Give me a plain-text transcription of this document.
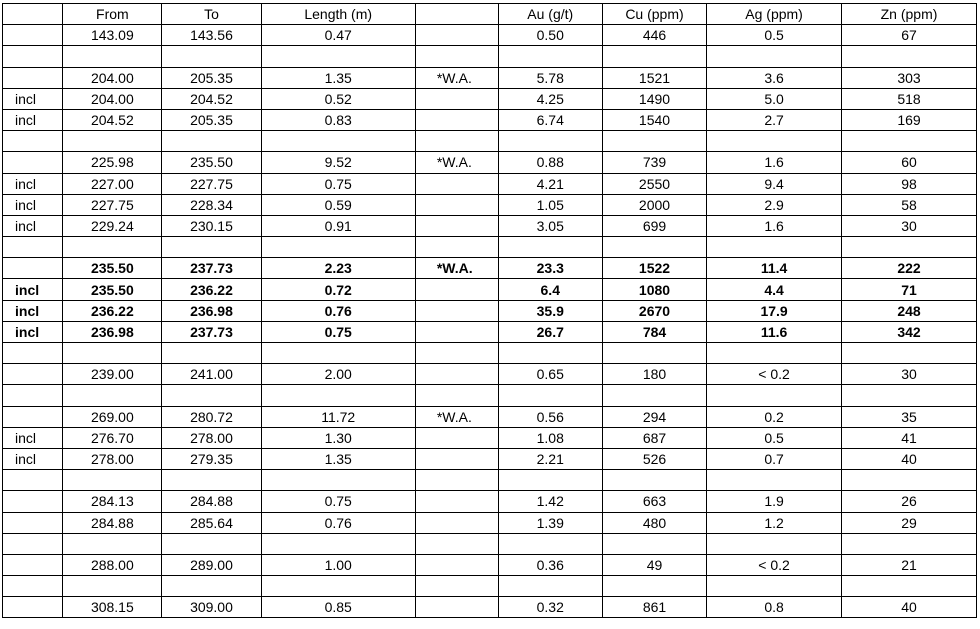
	From	To	Length (m)		Au (g/t)	Cu (ppm)	Ag (ppm)	Zn (ppm)
	143.09	143.56	0.47		0.50	446	0.5	67

	204.00	205.35	1.35	*W.A.	5.78	1521	3.6	303
incl	204.00	204.52	0.52		4.25	1490	5.0	518
incl	204.52	205.35	0.83		6.74	1540	2.7	169

	225.98	235.50	9.52	*W.A.	0.88	739	1.6	60
incl	227.00	227.75	0.75		4.21	2550	9.4	98
incl	227.75	228.34	0.59		1.05	2000	2.9	58
incl	229.24	230.15	0.91		3.05	699	1.6	30

	235.50	237.73	2.23	*W.A.	23.3	1522	11.4	222
incl	235.50	236.22	0.72		6.4	1080	4.4	71
incl	236.22	236.98	0.76		35.9	2670	17.9	248
incl	236.98	237.73	0.75		26.7	784	11.6	342

	239.00	241.00	2.00		0.65	180	< 0.2	30

	269.00	280.72	11.72	*W.A.	0.56	294	0.2	35
incl	276.70	278.00	1.30		1.08	687	0.5	41
incl	278.00	279.35	1.35		2.21	526	0.7	40

	284.13	284.88	0.75		1.42	663	1.9	26
	284.88	285.64	0.76		1.39	480	1.2	29

	288.00	289.00	1.00		0.36	49	< 0.2	21

	308.15	309.00	0.85		0.32	861	0.8	40
